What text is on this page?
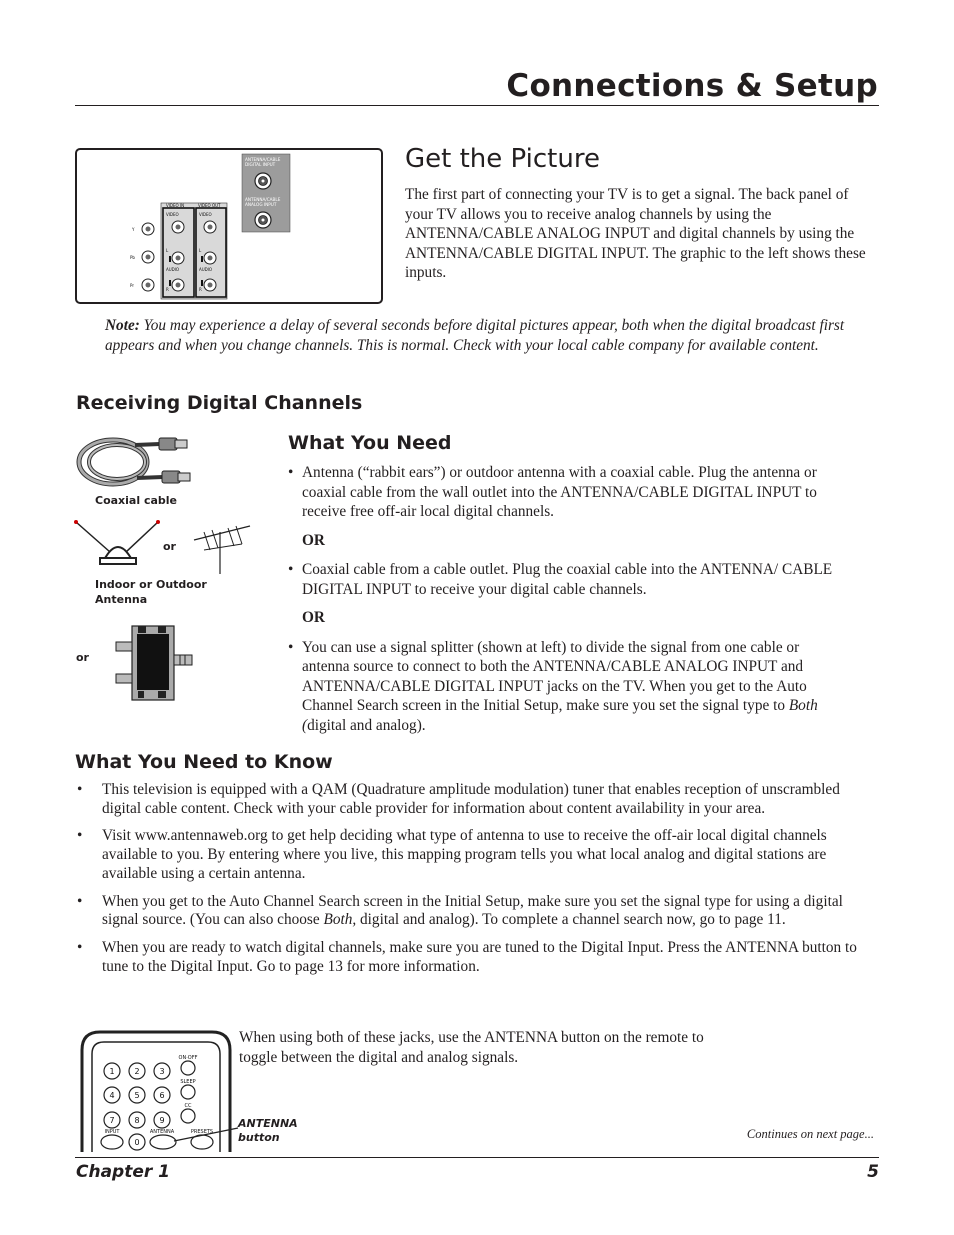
Connections & Setup
ANTENNA/CABLE
DIGITAL INPUT
ANTENNA/CABLE
ANALOG INPUT
VIDEO IN	VIDEO OUT
VIDEO	VIDEO
AUDIO	AUDIO
L	L
R	R
Y
Pb
Pr
Get the Picture

The first part of connecting your TV is to get a signal. The back panel of your TV allows you to receive analog channels by using the ANTENNA/CABLE ANALOG INPUT and digital channels by using the ANTENNA/CABLE DIGITAL INPUT. The graphic to the left shows these inputs.

Note: You may experience a delay of several seconds before digital pictures appear, both when the digital broadcast first appears and when you change channels. This is normal. Check with your local cable company for available content.

Receiving Digital Channels
Coaxial cable
or
Indoor or Outdoor
Antenna
or
What You Need
• Antenna (“rabbit ears”) or outdoor antenna with a coaxial cable. Plug the antenna or coaxial cable from the wall outlet into the ANTENNA/CABLE DIGITAL INPUT to receive free off-air local digital channels.
OR
• Coaxial cable from a cable outlet. Plug the coaxial cable into the ANTENNA/ CABLE DIGITAL INPUT to receive your digital cable channels.
OR
• You can use a signal splitter (shown at left) to divide the signal from one cable or antenna source to connect to both the ANTENNA/CABLE ANALOG INPUT and ANTENNA/CABLE DIGITAL INPUT jacks on the TV. When you get to the Auto Channel Search screen in the Initial Setup, make sure you set the signal type to Both (digital and analog).
What You Need to Know
• This television is equipped with a QAM (Quadrature amplitude modulation) tuner that enables reception of unscrambled digital cable content. Check with your cable provider for information about content availability in your area.
• Visit www.antennaweb.org to get help deciding what type of antenna to use to receive the off-air local digital channels available to you. By entering where you live, this mapping program tells you what local analog and digital stations are available using a certain antenna.
• When you get to the Auto Channel Search screen in the Initial Setup, make sure you set the signal type for using a digital signal source. (You can also choose Both, digital and analog). To complete a channel search now, go to page 11.
• When you are ready to watch digital channels, make sure you are tuned to the Digital Input. Press the ANTENNA button to tune to the Digital Input. Go to page 13 for more information.
1 2 3
4 5 6
7 8 9
0
ON·OFF
SLEEP
CC
INPUT	ANTENNA	PRESETS
ANTENNA
button

When using both of these jacks, use the ANTENNA button on the remote to toggle between the digital and analog signals.

Continues on next page...
Chapter 1	5
